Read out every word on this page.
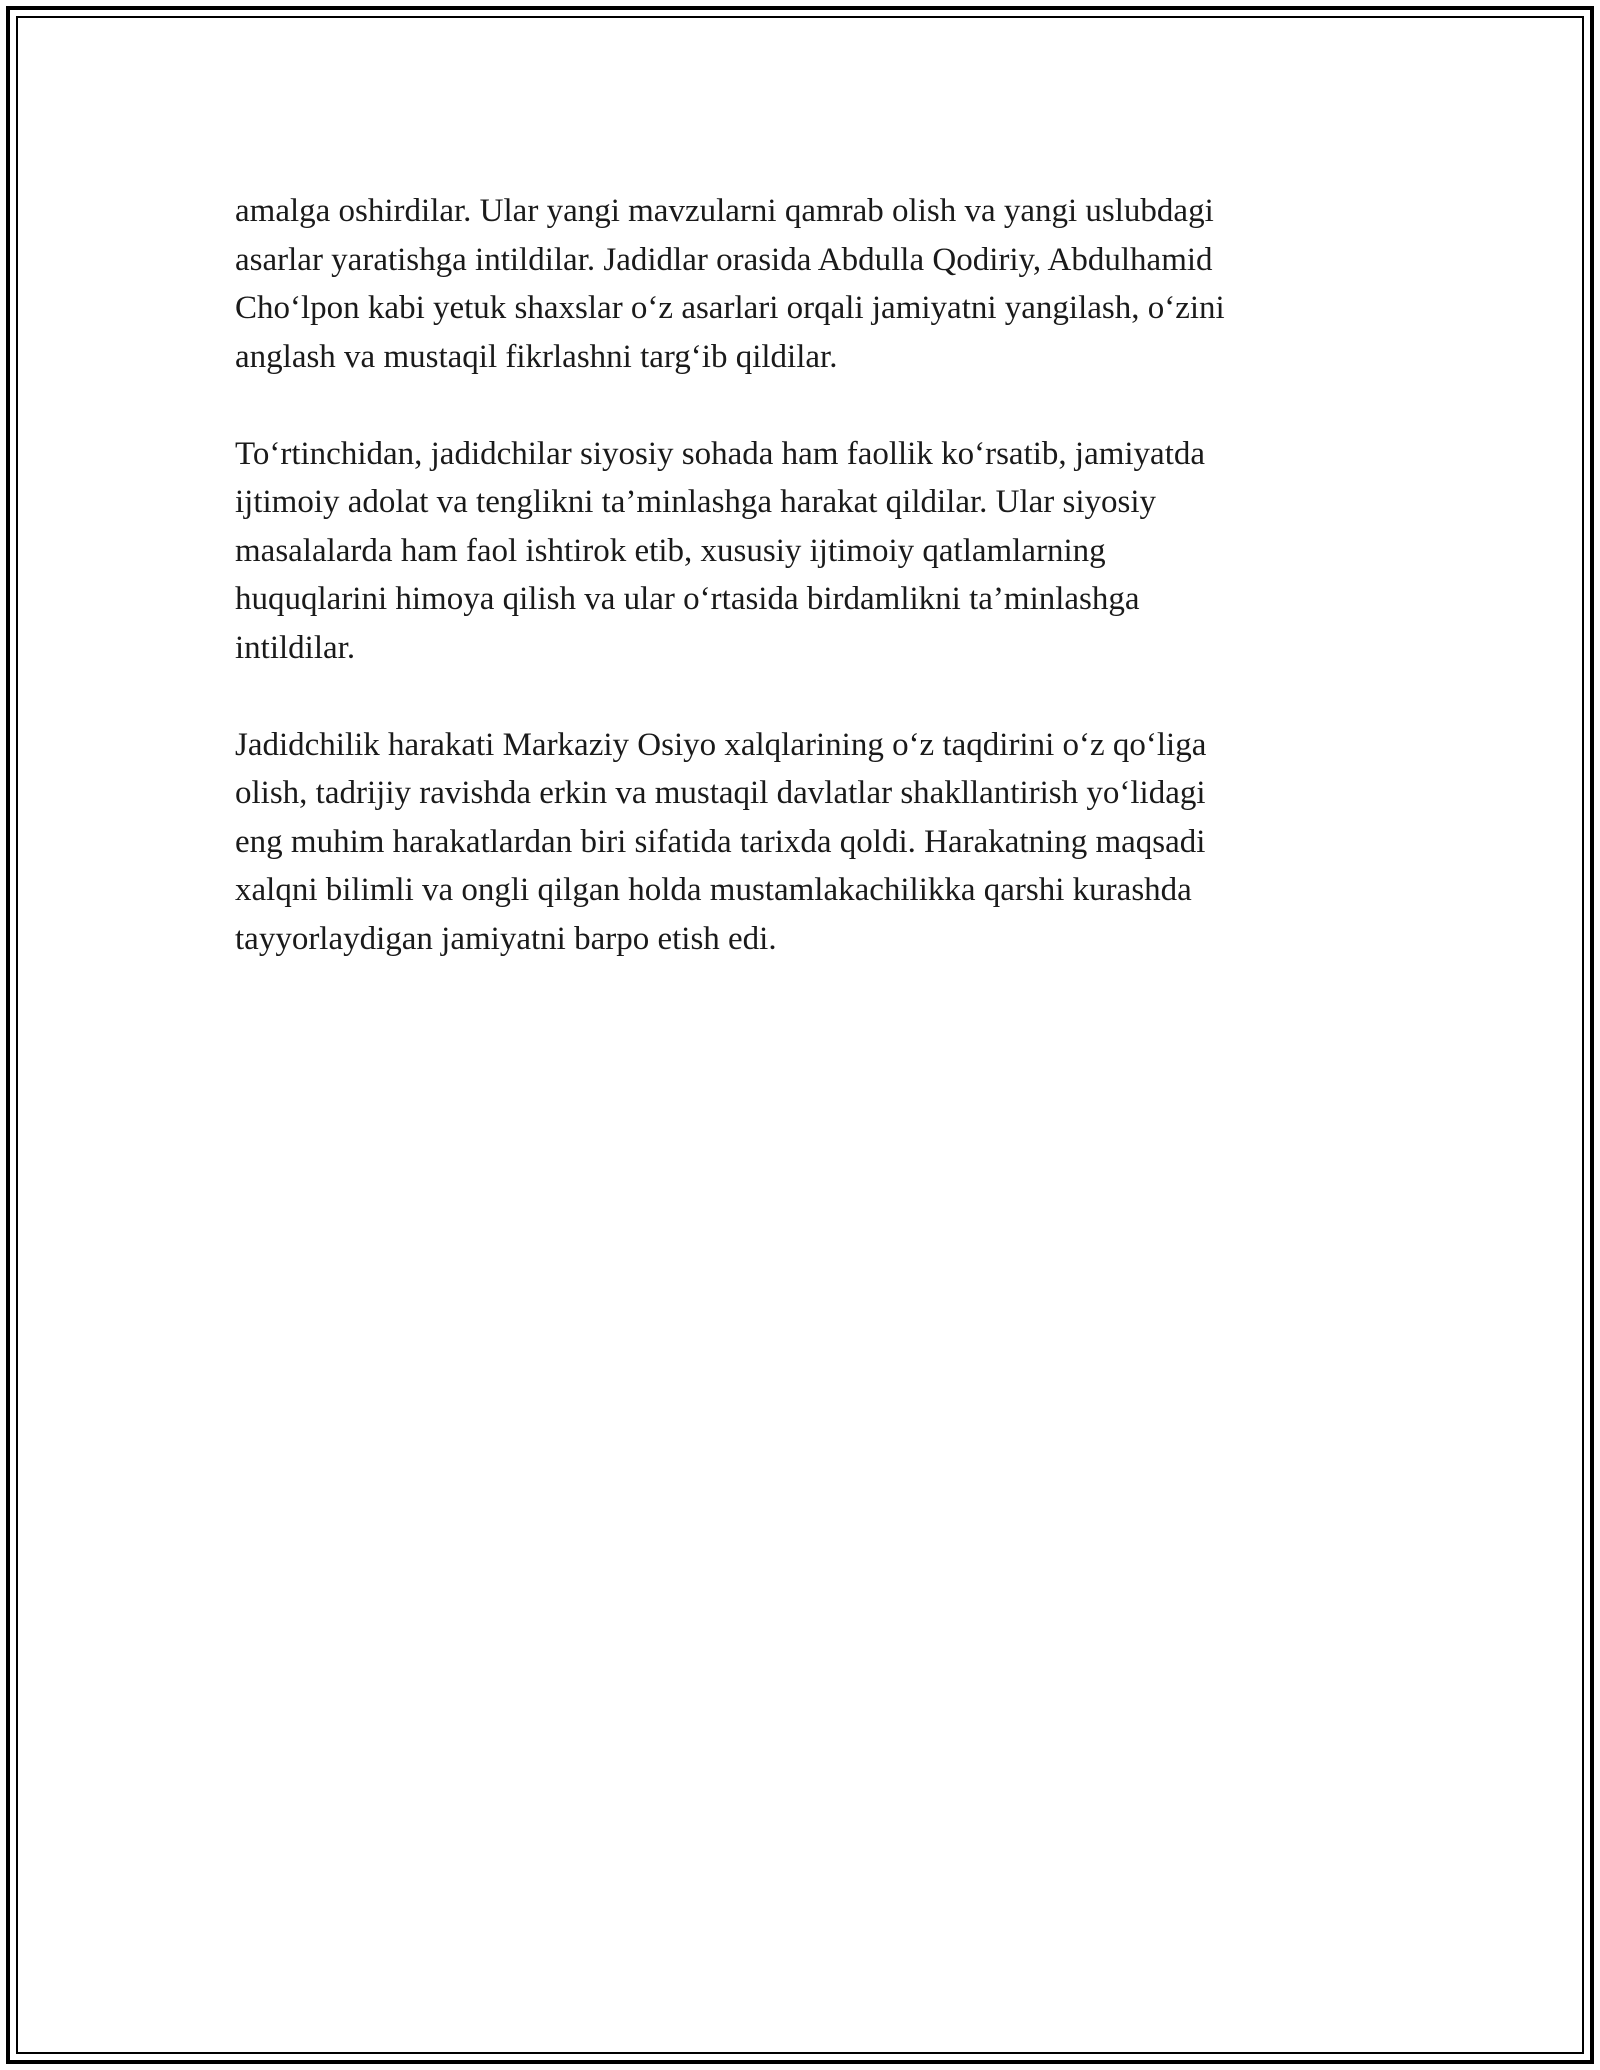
amalga oshirdilar. Ular yangi mavzularni qamrab olish va yangi uslubdagi
asarlar yaratishga intildilar. Jadidlar orasida Abdulla Qodiriy, Abdulhamid
Choʻlpon kabi yetuk shaxslar oʻz asarlari orqali jamiyatni yangilash, oʻzini
anglash va mustaqil fikrlashni targʻib qildilar.

Toʻrtinchidan, jadidchilar siyosiy sohada ham faollik koʻrsatib, jamiyatda
ijtimoiy adolat va tenglikni ta’minlashga harakat qildilar. Ular siyosiy
masalalarda ham faol ishtirok etib, xususiy ijtimoiy qatlamlarning
huquqlarini himoya qilish va ular oʻrtasida birdamlikni ta’minlashga
intildilar.

Jadidchilik harakati Markaziy Osiyo xalqlarining oʻz taqdirini oʻz qoʻliga
olish, tadrijiy ravishda erkin va mustaqil davlatlar shakllantirish yoʻlidagi
eng muhim harakatlardan biri sifatida tarixda qoldi. Harakatning maqsadi
xalqni bilimli va ongli qilgan holda mustamlakachilikka qarshi kurashda
tayyorlaydigan jamiyatni barpo etish edi.
